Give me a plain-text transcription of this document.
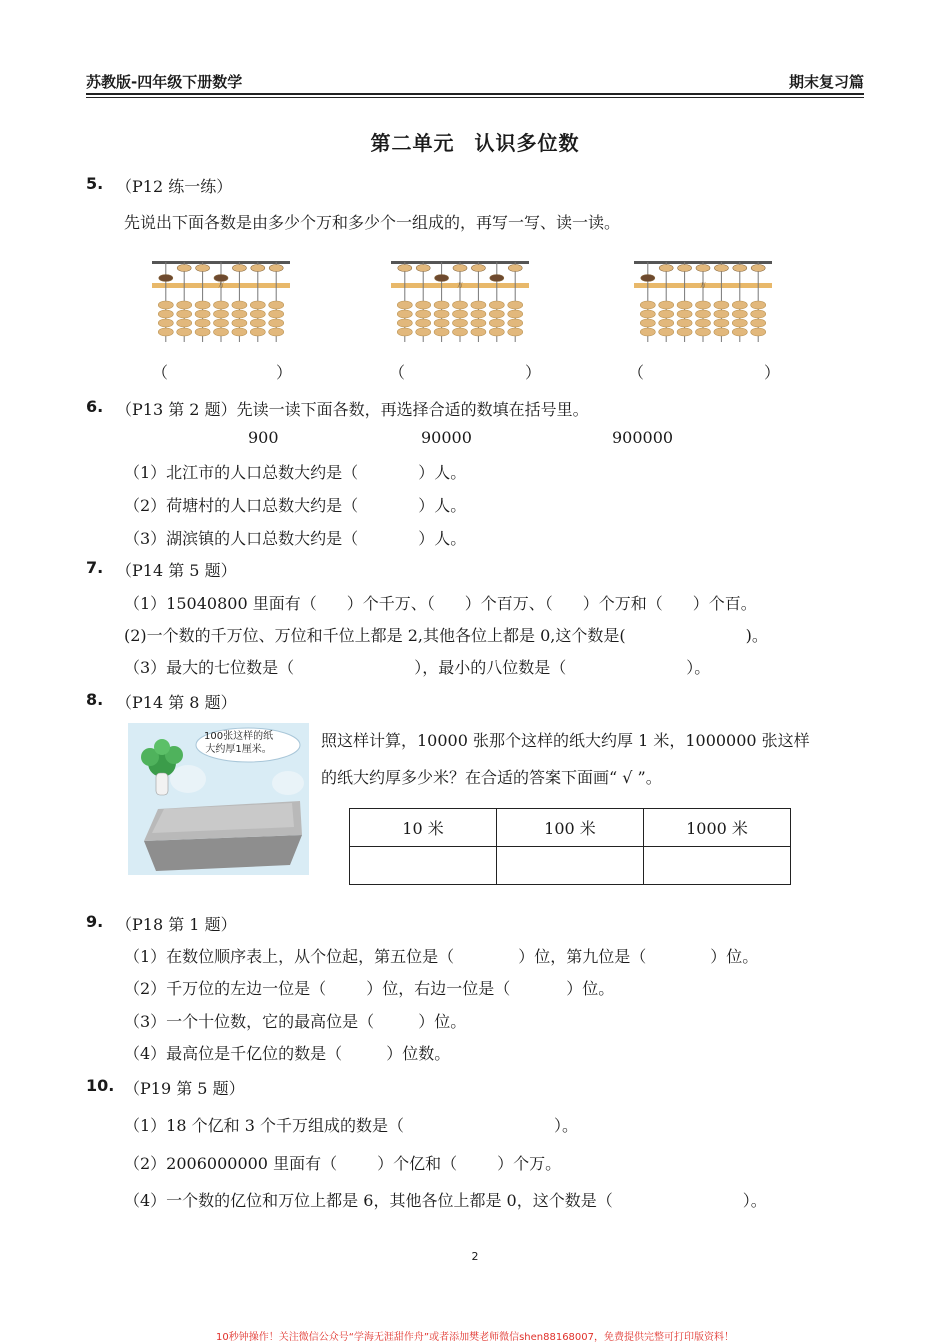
苏教版-四年级下册数学	期末复习篇
第二单元 认识多位数
5. （P12 练一练）
先说出下面各数是由多少个万和多少个一组成的，再写一写、读一读。
万	万	万
（	）	（	）	（	）
6. （P13 第 2 题）先读一读下面各数，再选择合适的数填在括号里。
900	90000	900000
（1）北江市的人口总数大约是（	）人。
（2）荷塘村的人口总数大约是（	）人。
（3）湖滨镇的人口总数大约是（	）人。
7. （P14 第 5 题）
（1）15040800 里面有（ ）个千万、（ ）个百万、（ ）个万和（ ）个百。
(2)一个数的千万位、万位和千位上都是 2,其他各位上都是 0,这个数是(	)。
（3）最大的七位数是（	），最小的八位数是（	）。
8. （P14 第 8 题）
100张这样的纸
大约厚1厘米。	照这样计算，10000 张那个这样的纸大约厚 1 米，1000000 张这样
的纸大约厚多少米？在合适的答案下面画“ √ ”。
10 米	100 米	1000 米

9. （P18 第 1 题）
（1）在数位顺序表上，从个位起，第五位是（	）位，第九位是（	）位。
（2）千万位的左边一位是（	）位，右边一位是（	）位。
（3）一个十位数，它的最高位是（	）位。
（4）最高位是千亿位的数是（	）位数。
10. （P19 第 5 题）
（1）18 个亿和 3 个千万组成的数是（	）。
（2）2006000000 里面有（	）个亿和（	）个万。
（4）一个数的亿位和万位上都是 6，其他各位上都是 0，这个数是（	）。
2
10秒钟操作！关注微信公众号“学海无涯甜作舟”或者添加樊老师微信shen88168007，免费提供完整可打印版资料！
